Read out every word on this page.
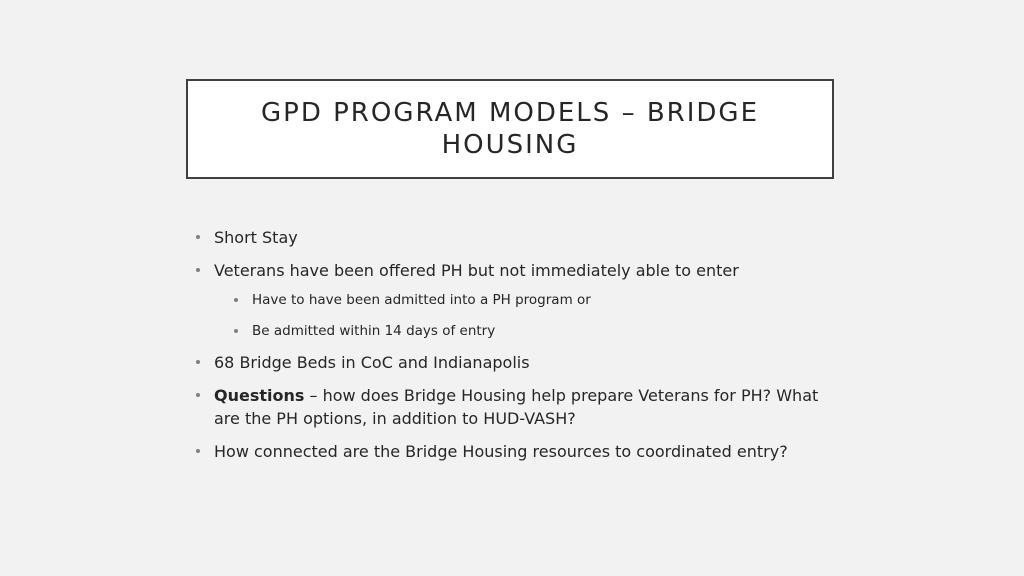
GPD PROGRAM MODELS – BRIDGE HOUSING
Short Stay
Veterans have been offered PH but not immediately able to enter
Have to have been admitted into a PH program or
Be admitted within 14 days of entry
68 Bridge Beds in CoC and Indianapolis
Questions – how does Bridge Housing help prepare Veterans for PH? What are the PH options, in addition to HUD-VASH?
How connected are the Bridge Housing resources to coordinated entry?
